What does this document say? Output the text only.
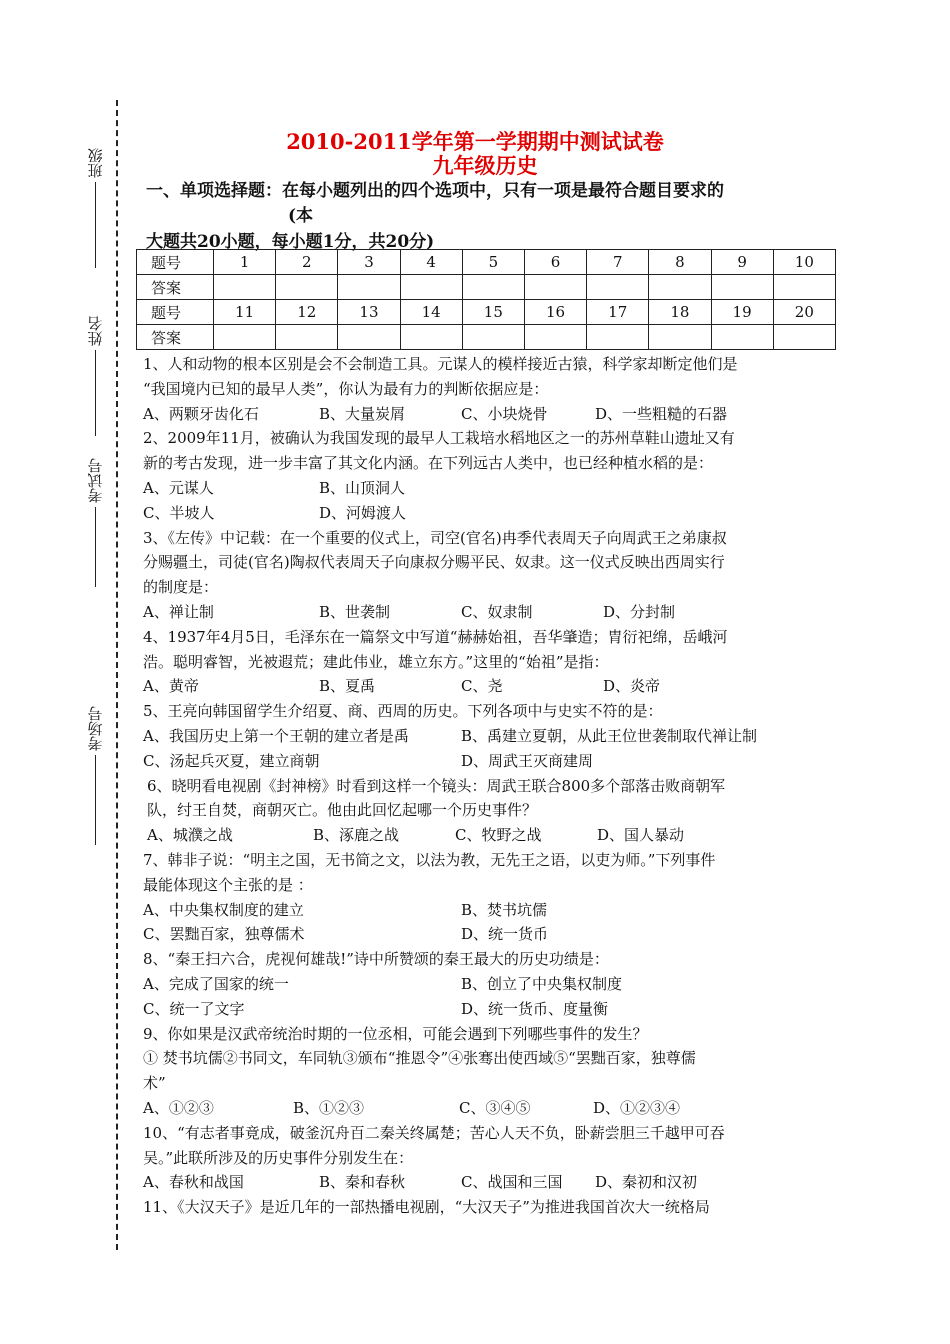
班级
姓名
考试号
考场号
2010-2011学年第一学期期中测试试卷
九年级历史
一、单项选择题：在每小题列出的四个选项中，只有一项是最符合题目要求的
(本
大题共20小题，每小题1分，共20分)
题号	1	2	3	4	5	6	7	8	9	10
答案										
题号	11	12	13	14	15	16	17	18	19	20
答案										

1、人和动物的根本区别是会不会制造工具。元谋人的模样接近古猿，科学家却断定他们是

“我国境内已知的最早人类”，你认为最有力的判断依据应是：

A、两颗牙齿化石	B、大量炭屑	C、小块烧骨	D、一些粗糙的石器

2、2009年11月，被确认为我国发现的最早人工栽培水稻地区之一的苏州草鞋山遗址又有

新的考古发现，进一步丰富了其文化内涵。在下列远古人类中，也已经种植水稻的是：

A、元谋人	B、山顶洞人
C、半坡人	D、河姆渡人

3、《左传》中记载：在一个重要的仪式上，司空(官名)冉季代表周天子向周武王之弟康叔

分赐疆土，司徒(官名)陶叔代表周天子向康叔分赐平民、奴隶。这一仪式反映出西周实行

的制度是：

A、禅让制	B、世袭制	C、奴隶制	D、分封制

4、1937年4月5日，毛泽东在一篇祭文中写道“赫赫始祖，吾华肇造；胄衍祀绵，岳峨河

浩。聪明睿智，光被遐荒；建此伟业，雄立东方。”这里的“始祖”是指：

A、黄帝	B、夏禹	C、尧	D、炎帝

5、王亮向韩国留学生介绍夏、商、西周的历史。下列各项中与史实不符的是：

A、我国历史上第一个王朝的建立者是禹	B、禹建立夏朝，从此王位世袭制取代禅让制
C、汤起兵灭夏，建立商朝	D、周武王灭商建周

6、晓明看电视剧《封神榜》时看到这样一个镜头：周武王联合800多个部落击败商朝军

队，纣王自焚，商朝灭亡。他由此回忆起哪一个历史事件？

A、城濮之战	B、涿鹿之战	C、牧野之战	D、国人暴动

7、韩非子说：“明主之国，无书简之文，以法为教，无先王之语，以吏为师。”下列事件

最能体现这个主张的是 ：

A、中央集权制度的建立	B、焚书坑儒
C、罢黜百家，独尊儒术	D、统一货币

8、“秦王扫六合，虎视何雄哉!”诗中所赞颂的秦王最大的历史功绩是：

A、完成了国家的统一	B、创立了中央集权制度
C、统一了文字	D、统一货币、度量衡

9、你如果是汉武帝统治时期的一位丞相，可能会遇到下列哪些事件的发生？

① 焚书坑儒②书同文，车同轨③颁布“推恩令”④张骞出使西域⑤“罢黜百家，独尊儒

术”

A、①②③	B、①②③	C、③④⑤	D、①②③④

10、“有志者事竟成，破釜沉舟百二秦关终属楚；苦心人天不负，卧薪尝胆三千越甲可吞

吴。”此联所涉及的历史事件分别发生在：

A、春秋和战国	B、秦和春秋	C、战国和三国	D、秦初和汉初

11、《大汉天子》是近几年的一部热播电视剧，“大汉天子”为推进我国首次大一统格局
